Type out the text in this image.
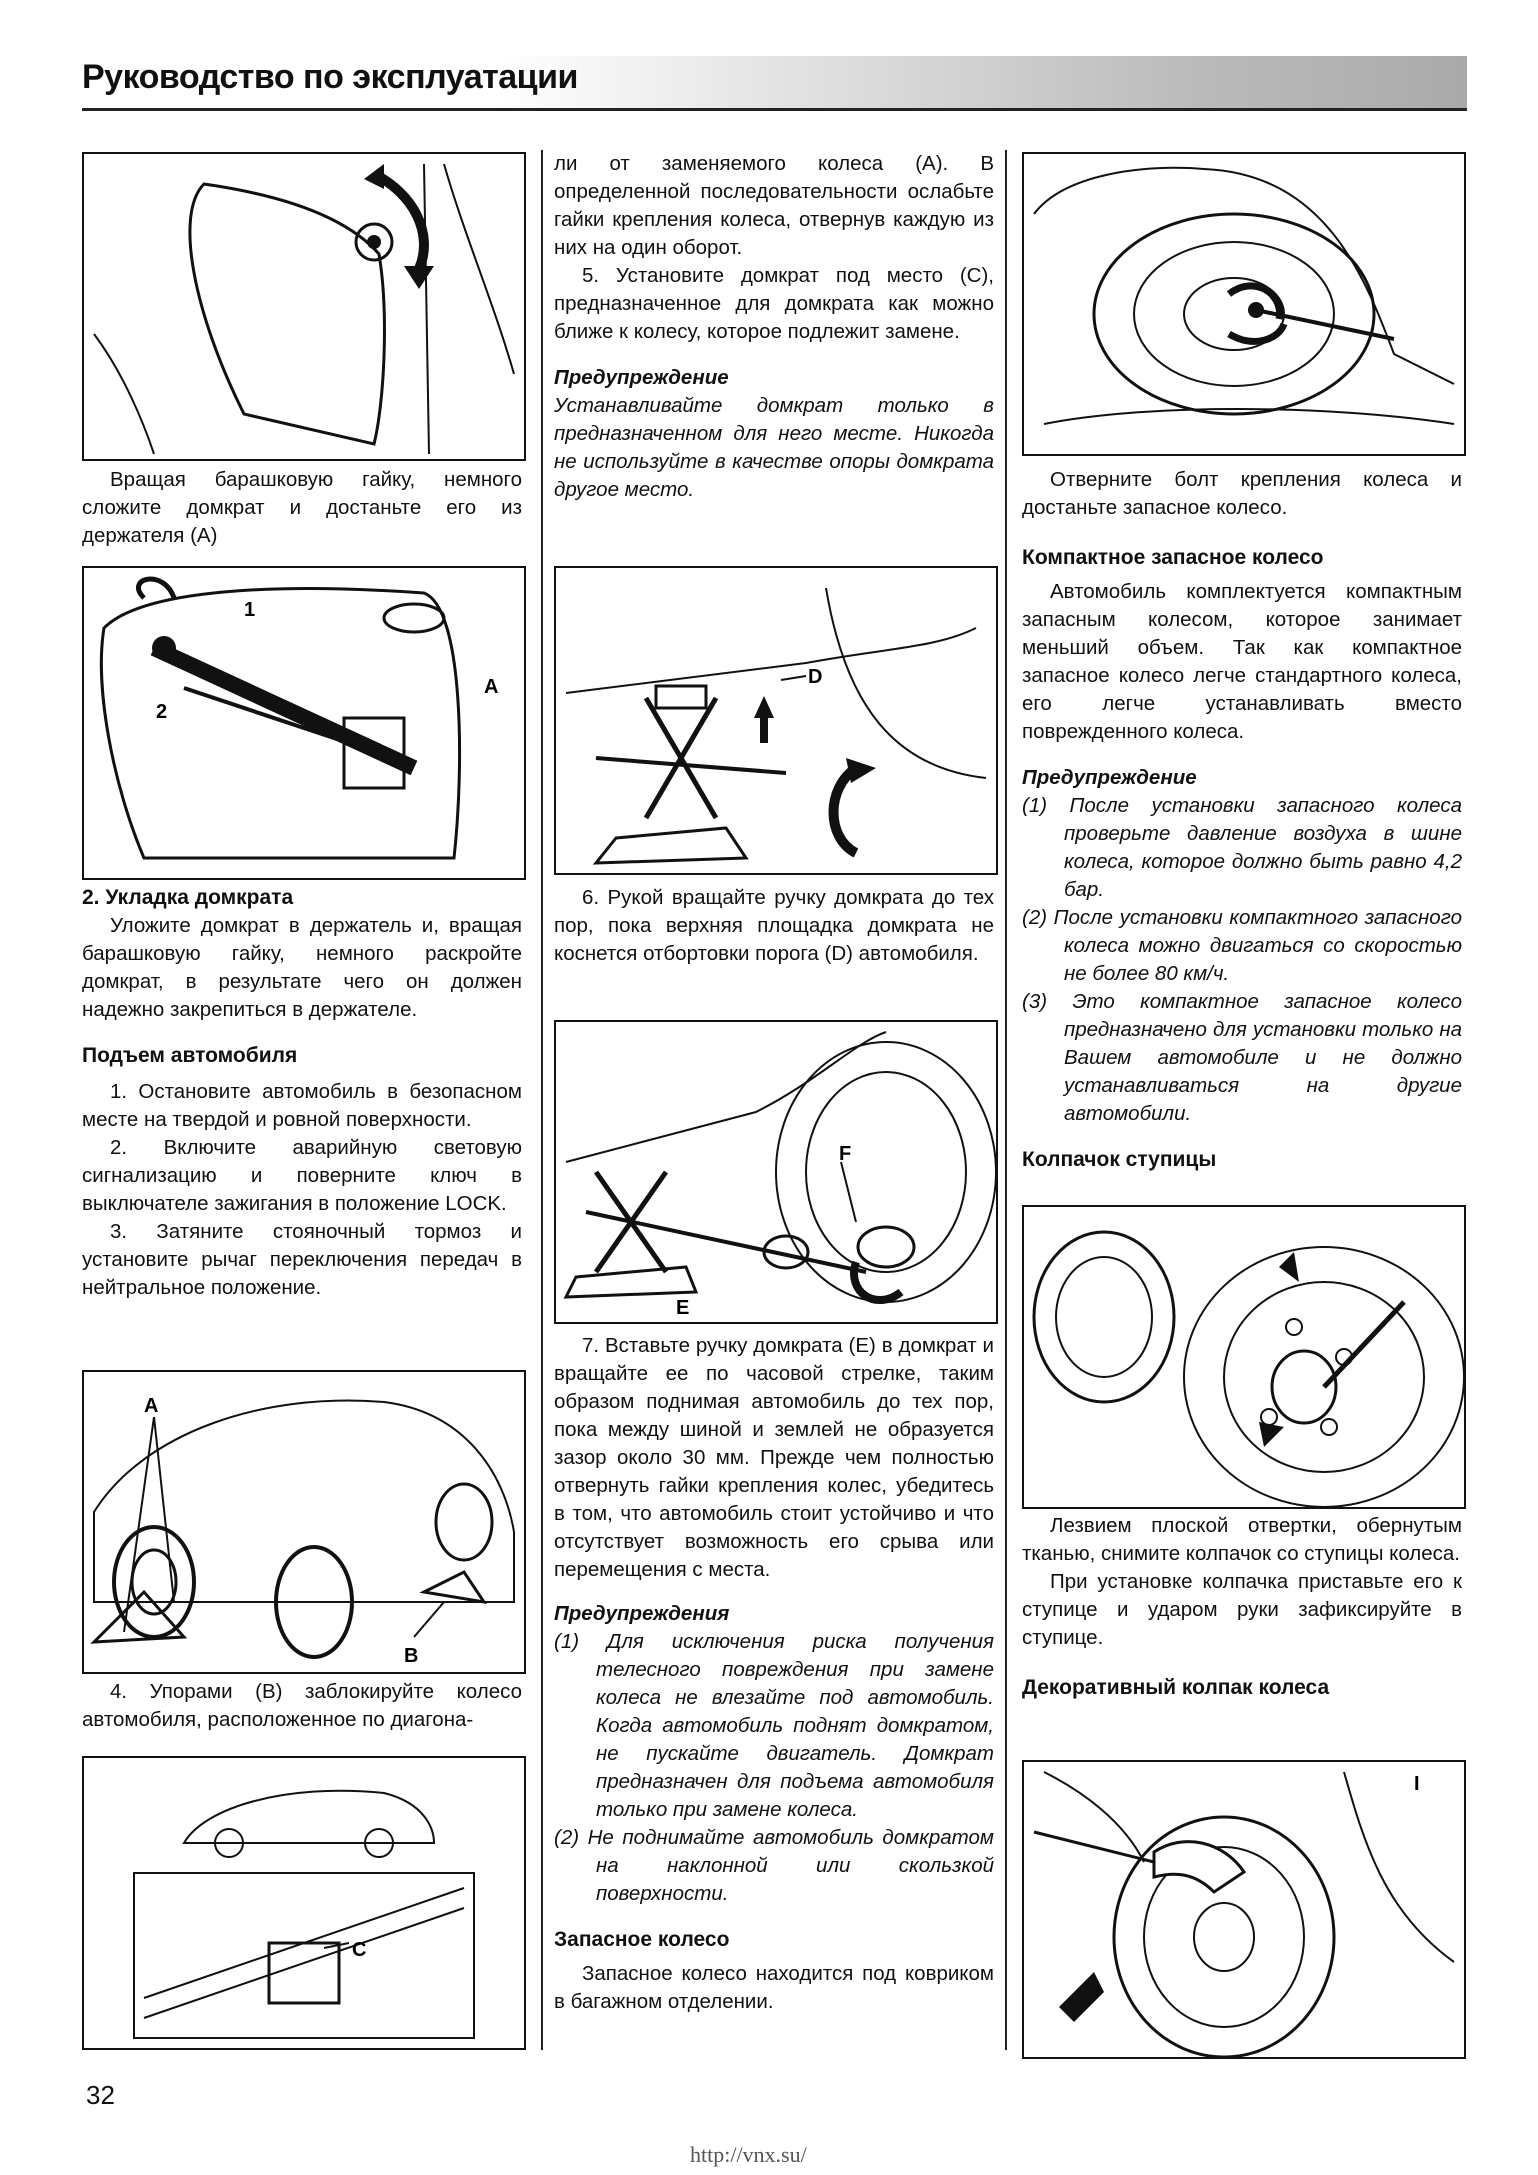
Руководство по эксплуатации

Вращая барашковую гайку, немного сложите домкрат и достаньте его из держателя (A)

1
2
A
2. Укладка домкрата

Уложите домкрат в держатель и, вращая барашковую гайку, немного раскройте домкрат, в результате чего он должен надежно закрепиться в держателе.

Подъем автомобиля

1. Остановите автомобиль в безопасном месте на твердой и ровной поверхности.

2. Включите аварийную световую сигнализацию и поверните ключ в выключателе зажигания в положение LOCK.

3. Затяните стояночный тормоз и установите рычаг переключения передач в нейтральное положение.

A
B

4. Упорами (B) заблокируйте колесо автомобиля, расположенное по диагона-

C

ли от заменяемого колеса (A). В определенной последовательности ослабьте гайки крепления колеса, отвернув каждую из них на один оборот.

5. Установите домкрат под место (C), предназначенное для домкрата как можно ближе к колесу, которое подлежит замене.

Предупреждение

Устанавливайте домкрат только в предназначенном для него месте. Никогда не используйте в качестве опоры домкрата другое место.

D

6. Рукой вращайте ручку домкрата до тех пор, пока верхняя площадка домкрата не коснется отбортовки порога (D) автомобиля.

F
E

7. Вставьте ручку домкрата (E) в домкрат и вращайте ее по часовой стрелке, таким образом поднимая автомобиль до тех пор, пока между шиной и землей не образуется зазор около 30 мм. Прежде чем полностью отвернуть гайки крепления колес, убедитесь в том, что автомобиль стоит устойчиво и что отсутствует возможность его срыва или перемещения с места.

Предупреждения

(1) Для исключения риска получения телесного повреждения при замене колеса не влезайте под автомобиль. Когда автомобиль поднят домкратом, не пускайте двигатель. Домкрат предназначен для подъема автомобиля только при замене колеса.

(2) Не поднимайте автомобиль домкратом на наклонной или скользкой поверхности.

Запасное колесо

Запасное колесо находится под ковриком в багажном отделении.

Отверните болт крепления колеса и достаньте запасное колесо.

Компактное запасное колесо

Автомобиль комплектуется компактным запасным колесом, которое занимает меньший объем. Так как компактное запасное колесо легче стандартного колеса, его легче устанавливать вместо поврежденного колеса.

Предупреждение

(1) После установки запасного колеса проверьте давление воздуха в шине колеса, которое должно быть равно 4,2 бар.

(2) После установки компактного запасного колеса можно двигаться со скоростью не более 80 км/ч.

(3) Это компактное запасное колесо предназначено для установки только на Вашем автомобиле и не должно устанавливаться на другие автомобили.

Колпачок ступицы

Лезвием плоской отвертки, обернутым тканью, снимите колпачок со ступицы колеса.

При установке колпачка приставьте его к ступице и ударом руки зафиксируйте в ступице.

Декоративный колпак колеса
I
32
http://vnx.su/
